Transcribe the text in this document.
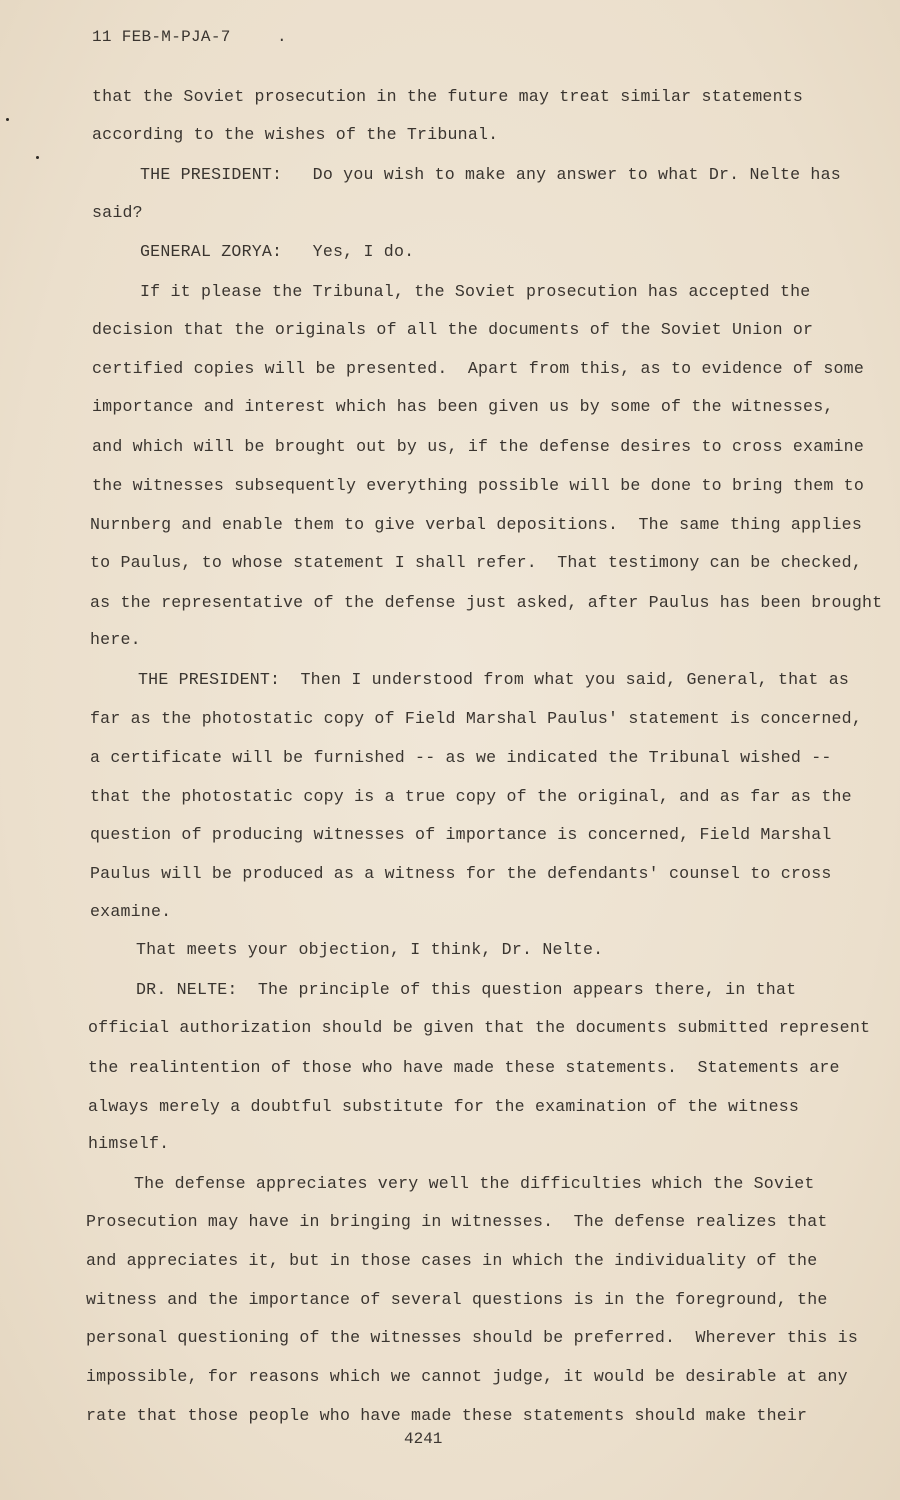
11 FEB-M-PJA-7	.
that the Soviet prosecution in the future may treat similar statements
according to the wishes of the Tribunal.
THE PRESIDENT:   Do you wish to make any answer to what Dr. Nelte has
said?
GENERAL ZORYA:   Yes, I do.
If it please the Tribunal, the Soviet prosecution has accepted the
decision that the originals of all the documents of the Soviet Union or
certified copies will be presented.  Apart from this, as to evidence of some
importance and interest which has been given us by some of the witnesses,
and which will be brought out by us, if the defense desires to cross examine
the witnesses subsequently everything possible will be done to bring them to
Nurnberg and enable them to give verbal depositions.  The same thing applies
to Paulus, to whose statement I shall refer.  That testimony can be checked,
as the representative of the defense just asked, after Paulus has been brought
here.
THE PRESIDENT:  Then I understood from what you said, General, that as
far as the photostatic copy of Field Marshal Paulus' statement is concerned,
a certificate will be furnished -- as we indicated the Tribunal wished --
that the photostatic copy is a true copy of the original, and as far as the
question of producing witnesses of importance is concerned, Field Marshal
Paulus will be produced as a witness for the defendants' counsel to cross
examine.
That meets your objection, I think, Dr. Nelte.
DR. NELTE:  The principle of this question appears there, in that
official authorization should be given that the documents submitted represent
the realintention of those who have made these statements.  Statements are
always merely a doubtful substitute for the examination of the witness
himself.
The defense appreciates very well the difficulties which the Soviet
Prosecution may have in bringing in witnesses.  The defense realizes that
and appreciates it, but in those cases in which the individuality of the
witness and the importance of several questions is in the foreground, the
personal questioning of the witnesses should be preferred.  Wherever this is
impossible, for reasons which we cannot judge, it would be desirable at any
rate that those people who have made these statements should make their
4241
